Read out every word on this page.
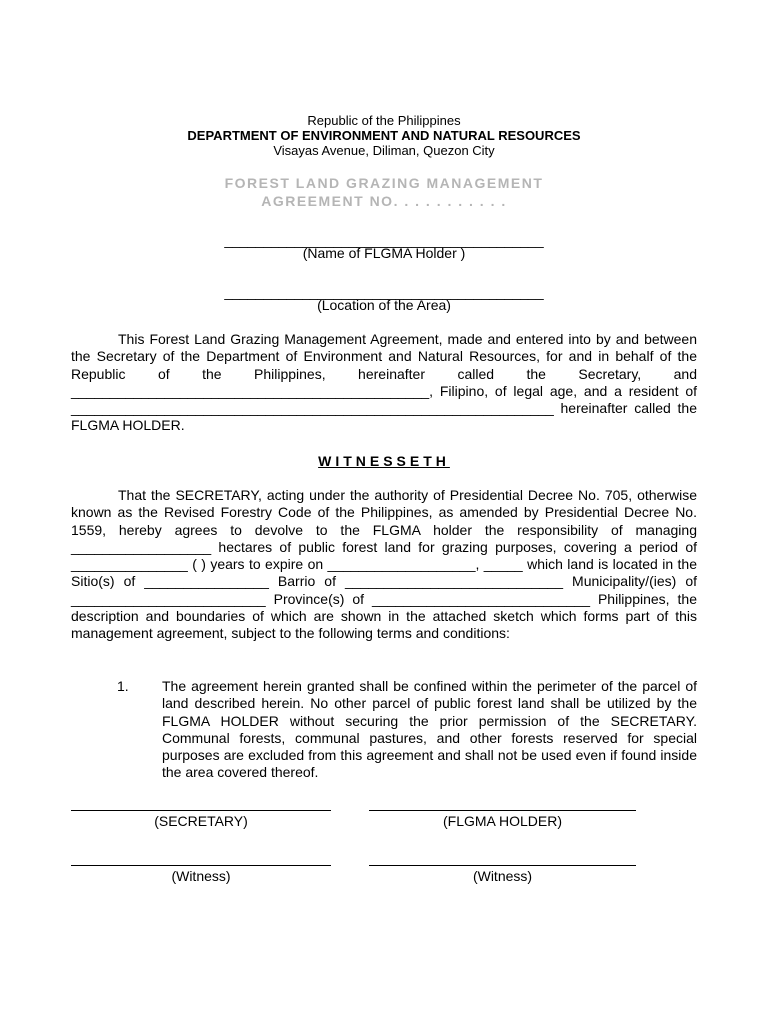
Republic of the Philippines
DEPARTMENT OF ENVIRONMENT AND NATURAL RESOURCES
Visayas Avenue, Diliman, Quezon City
FOREST LAND GRAZING MANAGEMENT
AGREEMENT NO. . . . . . . . . . .
_________________________________________
(Name of FLGMA Holder )
_________________________________________
(Location of the Area)
This Forest Land Grazing Management Agreement, made and entered into by and between the Secretary of the Department of Environment and Natural Resources, for and in behalf of the Republic of the Philippines, hereinafter called the Secretary, and ______________________________________________, Filipino, of legal age, and a resident of ______________________________________________________________ hereinafter called the FLGMA HOLDER.
WITNESSETH
That the SECRETARY, acting under the authority of Presidential Decree No. 705, otherwise known as the Revised Forestry Code of the Philippines, as amended by Presidential Decree No. 1559, hereby agrees to devolve to the FLGMA holder the responsibility of managing __________________ hectares of public forest land for grazing purposes, covering a period of _______________ ( ) years to expire on ___________________, _____ which land is located in the Sitio(s) of ________________ Barrio of ____________________________ Municipality/(ies) of _________________________ Province(s) of ____________________________ Philippines, the description and boundaries of which are shown in the attached sketch which forms part of this management agreement, subject to the following terms and conditions:
1. The agreement herein granted shall be confined within the perimeter of the parcel of land described herein. No other parcel of public forest land shall be utilized by the FLGMA HOLDER without securing the prior permission of the SECRETARY. Communal forests, communal pastures, and other forests reserved for special purposes are excluded from this agreement and shall not be used even if found inside the area covered thereof.
(SECRETARY)	(FLGMA HOLDER)
(Witness)	(Witness)
